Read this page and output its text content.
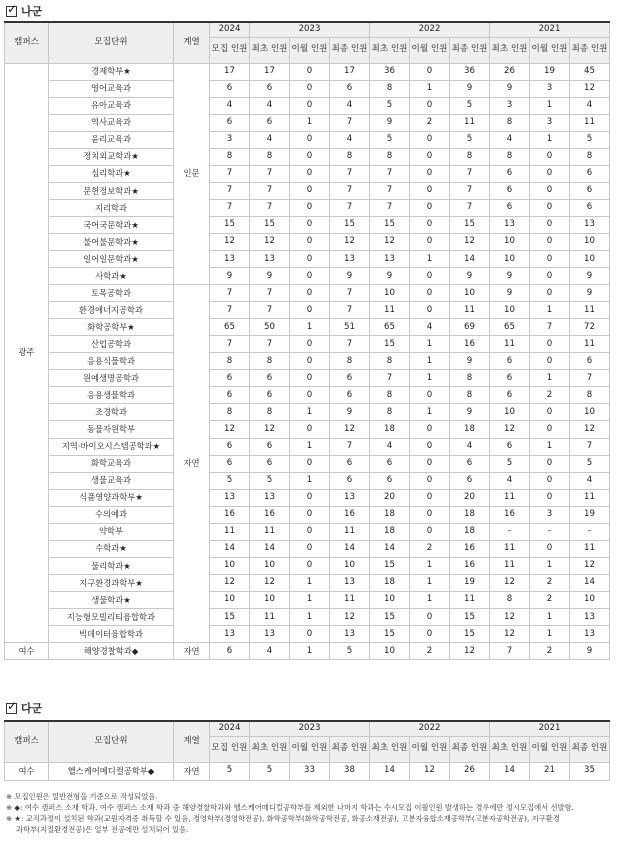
✓
나군
캠퍼스	모집단위	계열	2024	2023			2022			2021		
			모집 인원	최초 인원	이월 인원	최종 인원	최초 인원	이월 인원	최종 인원	최초 인원	이월 인원	최종 인원
광주	경제학부★	인문	17	17	0	17	36	0	36	26	19	45
	영어교육과		6	6	0	6	8	1	9	9	3	12
	유아교육과		4	4	0	4	5	0	5	3	1	4
	역사교육과		6	6	1	7	9	2	11	8	3	11
	윤리교육과		3	4	0	4	5	0	5	4	1	5
	정치외교학과★		8	8	0	8	8	0	8	8	0	8
	심리학과★		7	7	0	7	7	0	7	6	0	6
	문헌정보학과★		7	7	0	7	7	0	7	6	0	6
	지리학과		7	7	0	7	7	0	7	6	0	6
	국어국문학과★		15	15	0	15	15	0	15	13	0	13
	불어불문학과★		12	12	0	12	12	0	12	10	0	10
	일어일문학과★		13	13	0	13	13	1	14	10	0	10
	사학과★		9	9	0	9	9	0	9	9	0	9
	토목공학과	자연	7	7	0	7	10	0	10	9	0	9
	환경에너지공학과		7	7	0	7	11	0	11	10	1	11
	화학공학부★		65	50	1	51	65	4	69	65	7	72
	산업공학과		7	7	0	7	15	1	16	11	0	11
	응용식물학과		8	8	0	8	8	1	9	6	0	6
	원예생명공학과		6	6	0	6	7	1	8	6	1	7
	응용생물학과		6	6	0	6	8	0	8	6	2	8
	조경학과		8	8	1	9	8	1	9	10	0	10
	동물자원학부		12	12	0	12	18	0	18	12	0	12
	지역·바이오시스템공학과★		6	6	1	7	4	0	4	6	1	7
	화학교육과		6	6	0	6	6	0	6	5	0	5
	생물교육과		5	5	1	6	6	0	6	4	0	4
	식품영양과학부★		13	13	0	13	20	0	20	11	0	11
	수의예과		16	16	0	16	18	0	18	16	3	19
	약학부		11	11	0	11	18	0	18	–	–	–
	수학과★		14	14	0	14	14	2	16	11	0	11
	물리학과★		10	10	0	10	15	1	16	11	1	12
	지구환경과학부★		12	12	1	13	18	1	19	12	2	14
	생물학과★		10	10	1	11	10	1	11	8	2	10
	지능형모빌리티융합학과		15	11	1	12	15	0	15	12	1	13
	빅데이터융합학과		13	13	0	13	15	0	15	12	1	13
여수	해양경찰학과◆	자연	6	4	1	5	10	2	12	7	2	9
✓
다군
캠퍼스	모집단위	계열	2024	2023			2022			2021		
			모집 인원	최초 인원	이월 인원	최종 인원	최초 인원	이월 인원	최종 인원	최초 인원	이월 인원	최종 인원
여수	헬스케어메디컬공학부◆	자연	5	5	33	38	14	12	26	14	21	35
※ 모집인원은 일반전형을 기준으로 작성되었음.
※ ◆: 여수 캠퍼스 소재 학과. 여수 캠퍼스 소재 학과 중 해양경찰학과와 헬스케어메디컬공학부를 제외한 나머지 학과는 수시모집 이월인원 발생하는 경우에만 정시모집에서 선발함.
※ ★: 교직과정이 설치된 학과(교원자격증 취득할 수 있음, 경영학부(경영학전공), 화학공학부(화학공학전공, 화공소재전공), 고분자융합소재공학부(고분자공학전공), 지구환경
과학부(지질환경전공)은 일부 전공에만 설치되어 있음.
